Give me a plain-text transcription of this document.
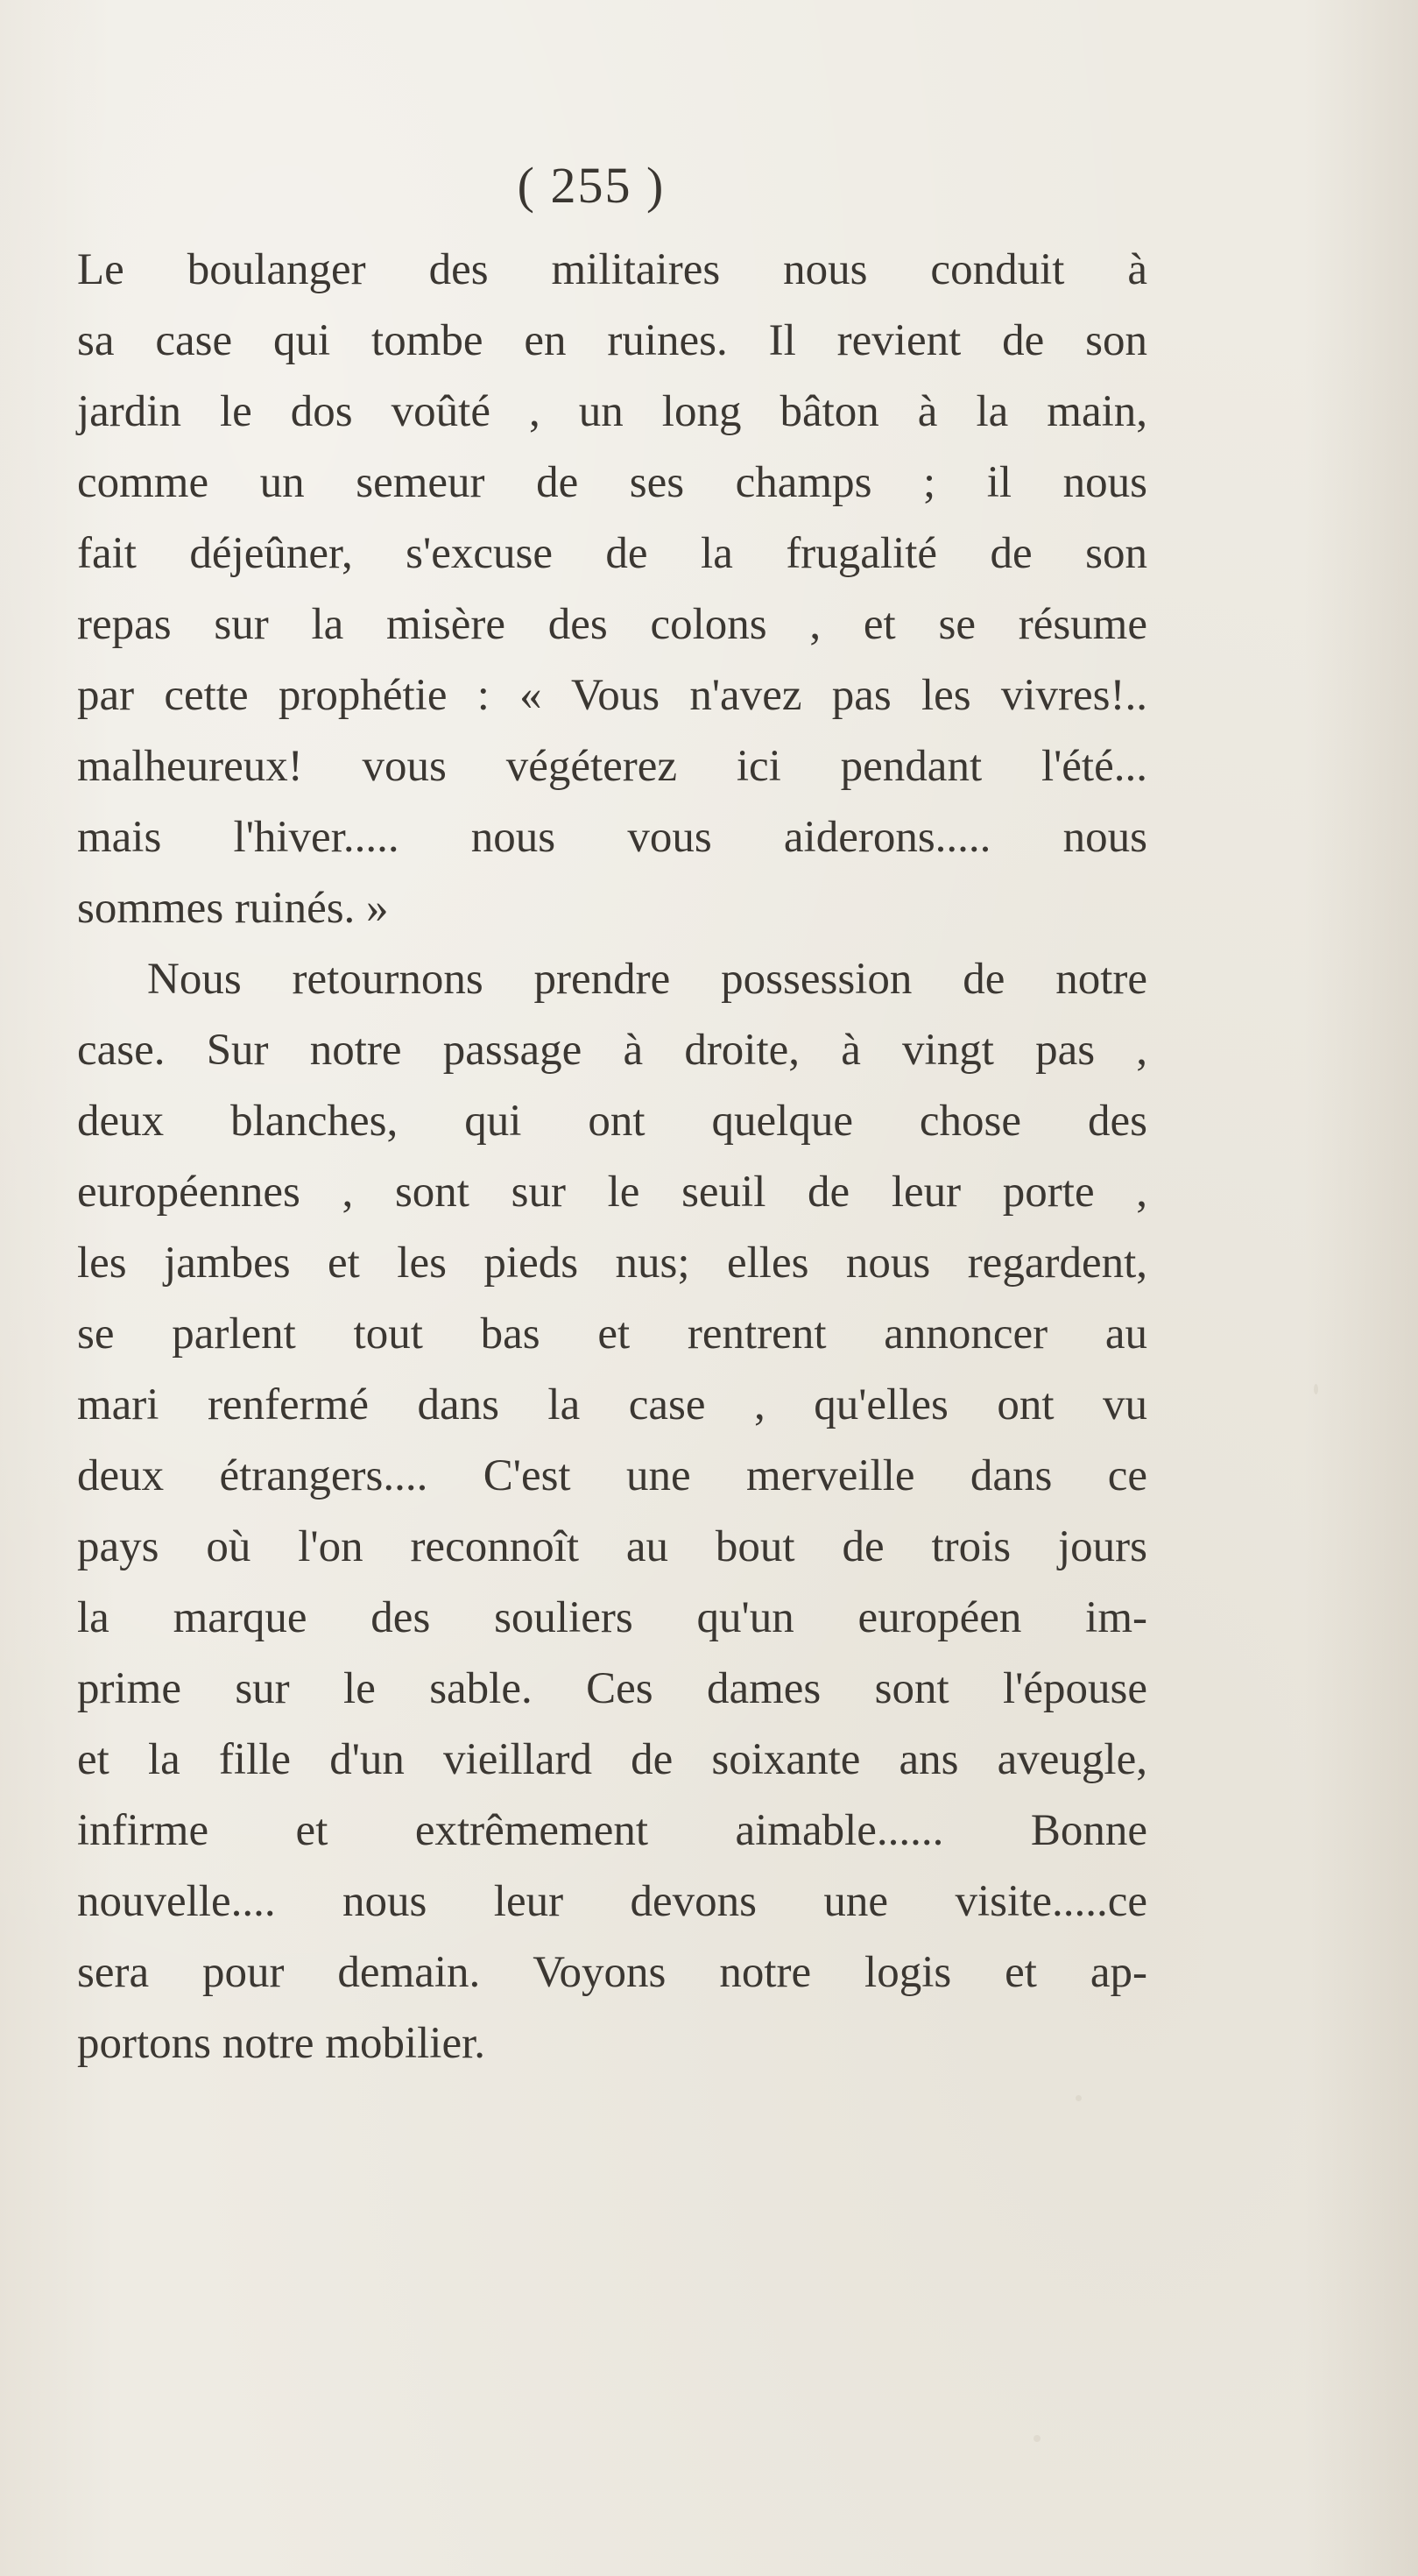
( 255 )
Le boulanger des militaires nous conduit à
sa case qui tombe en ruines. Il revient de son
jardin le dos voûté , un long bâton à la main,
comme un semeur de ses champs ; il nous
fait déjeûner, s'excuse de la frugalité de son
repas sur la misère des colons , et se résume
par cette prophétie : « Vous n'avez pas les vivres!..
malheureux! vous végéterez ici pendant l'été...
mais l'hiver..... nous vous aiderons..... nous
sommes ruinés. »
Nous retournons prendre possession de notre
case. Sur notre passage à droite, à vingt pas ,
deux blanches, qui ont quelque chose des
européennes , sont sur le seuil de leur porte ,
les jambes et les pieds nus; elles nous regardent,
se parlent tout bas et rentrent annoncer au
mari renfermé dans la case , qu'elles ont vu
deux étrangers.... C'est une merveille dans ce
pays où l'on reconnoît au bout de trois jours
la marque des souliers qu'un européen im-
prime sur le sable. Ces dames sont l'épouse
et la fille d'un vieillard de soixante ans aveugle,
infirme et extrêmement aimable...... Bonne
nouvelle.... nous leur devons une visite.....ce
sera pour demain. Voyons notre logis et ap-
portons notre mobilier.
